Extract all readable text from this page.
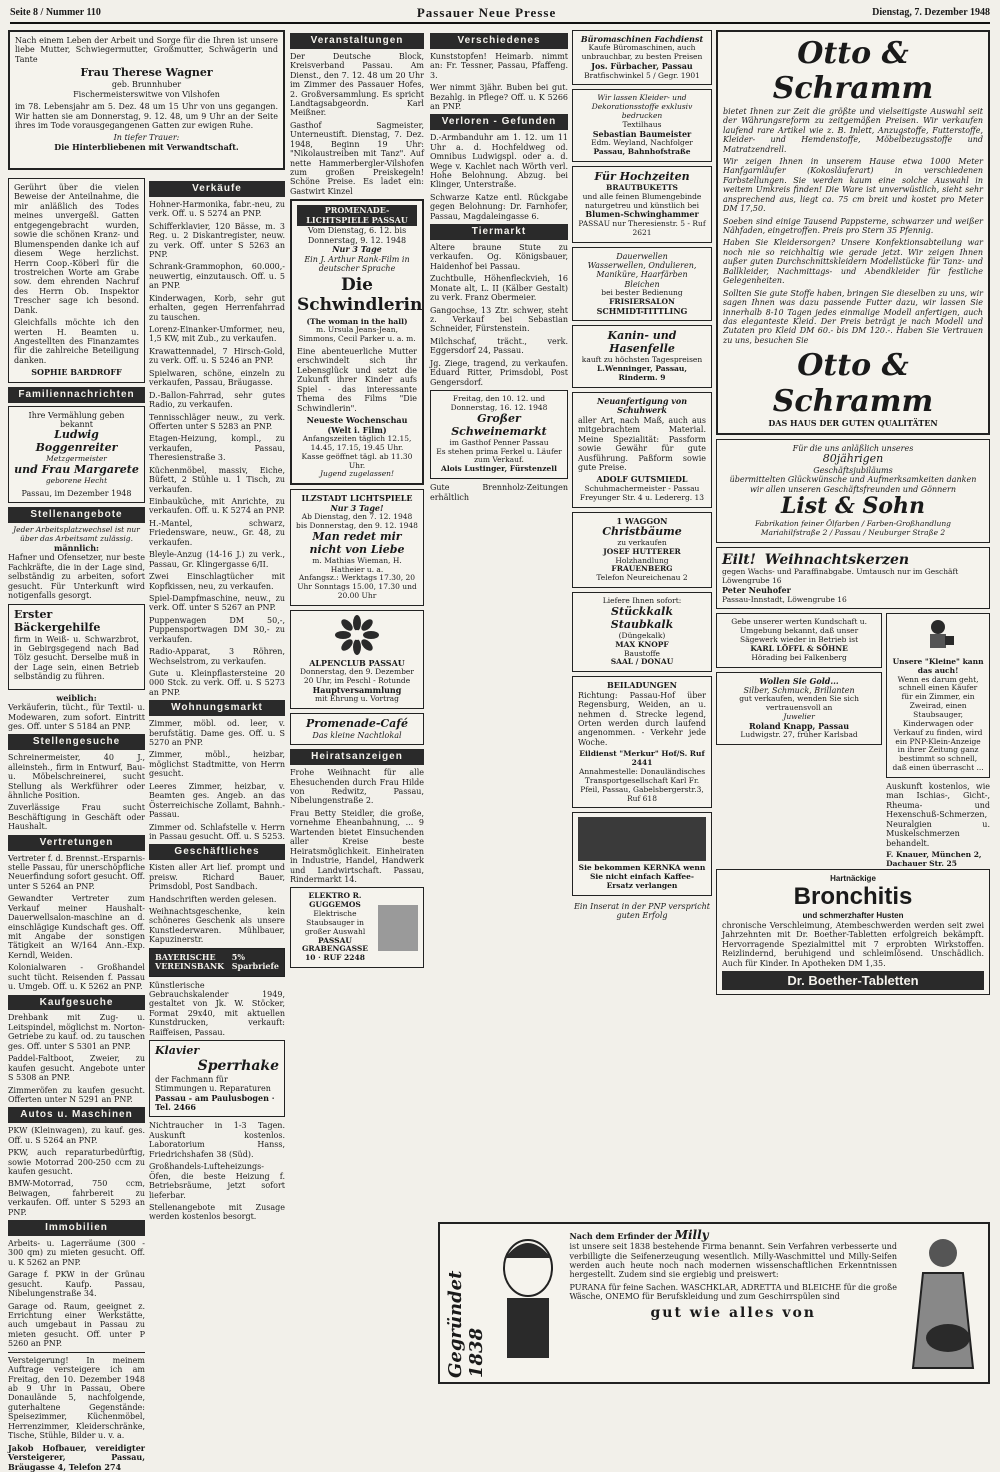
Seite 8 / Nummer 110	Passauer Neue Presse	Dienstag, 7. Dezember 1948
Nach einem Leben der Arbeit und Sorge für die Ihren ist unsere liebe Mutter, Schwiegermutter, Großmutter, Schwägerin und Tante
Frau Therese Wagner
geb. Brunnhuber
Fischermeisterswitwe von Vilshofen
im 78. Lebensjahr am 5. Dez. 48 um 15 Uhr von uns gegangen. Wir hatten sie am Donnerstag, 9. 12. 48, um 9 Uhr an der Seite ihres im Tode vorausgegangenen Gatten zur ewigen Ruhe.
In tiefer Trauer:
Die Hinterbliebenen mit Verwandtschaft.
Gerührt über die vielen Beweise der Anteilnahme, die mir anläßlich des Todes meines unvergeßl. Gatten entgegengebracht wurden, sowie die schönen Kranz- und Blumenspenden danke ich auf diesem Wege herzlichst. Herrn Coop.-Köberl für die trostreichen Worte am Grabe sow. dem ehrenden Nachruf des Herrn Ob. Inspektor Trescher sage ich besond. Dank.
Gleichfalls möchte ich den werten H. Beamten u. Angestellten des Finanzamtes für die zahlreiche Beteiligung danken.
SOPHIE BARDROFF
Familiennachrichten
Ihre Vermählung geben bekannt
Ludwig Boggenreiter
Metzgermeister
und Frau Margarete
geborene Hecht
Passau, im Dezember 1948
Stellenangebote
Jeder Arbeitsplatzwechsel ist nur über das Arbeitsamt zulässig.
männlich:
Hafner und Ofensetzer, nur beste Fachkräfte, die in der Lage sind, selbständig zu arbeiten, sofort gesucht. Für Unterkunft wird notigenfalls gesorgt.
Erster Bäckergehilfe
firm in Weiß- u. Schwarzbrot, in Gebirgsgegend nach Bad Tölz gesucht. Derselbe muß in der Lage sein, einen Betrieb selbständig zu führen.
weiblich:
Verkäuferin, tücht., für Textil- u. Modewaren, zum sofort. Eintritt ges. Off. unter S 5184 an PNP.
Stellengesuche
Schreinermeister, 40 J., alleinsteh., firm in Entwurf, Bau- u. Möbelschreinerei, sucht Stellung als Werkführer oder ähnliche Position.
Zuverlässige Frau sucht Beschäftigung in Geschäft oder Haushalt.
Vertretungen
Vertreter f. d. Brennst.-Ersparnis-stelle Passau, für unerschöpfliche Neuerfindung sofort gesucht. Off. unter S 5264 an PNP.
Gewandter Vertreter zum Verkauf meiner Haushalt-Dauerwellsalon-maschine an d. einschlägige Kundschaft ges. Off. mit Angabe der sonstigen Tätigkeit an W/164 Ann.-Exp. Kerndl, Weiden.
Kolonialwaren - Großhandel sucht tücht. Reisenden f. Passau u. Umgeb. Off. u. K 5262 an PNP.
Kaufgesuche
Drehbank mit Zug- u. Leitspindel, möglichst m. Norton-Getriebe zu kauf. od. zu tauschen ges. Off. unter S 5301 an PNP.
Paddel-Faltboot, Zweier, zu kaufen gesucht. Angebote unter S 5308 an PNP.
Zimmeröfen zu kaufen gesucht. Offerten unter N 5291 an PNP.
Autos u. Maschinen
PKW (Kleinwagen), zu kauf. ges. Off. u. S 5264 an PNP.
PKW, auch reparaturbedürftig, sowie Motorrad 200-250 ccm zu kaufen gesucht.
BMW-Motorrad, 750 ccm, Beiwagen, fahrbereit zu verkaufen. Off. unter S 5293 an PNP.
Immobilien
Arbeits- u. Lagerräume (300 - 300 qm) zu mieten gesucht. Off. u. K 5262 an PNP.
Garage f. PKW in der Grünau gesucht. Kaufp. Passau, Nibelungenstraße 34.
Garage od. Raum, geeignet z. Errichtung einer Werkstätte, auch umgebaut in Passau zu mieten gesucht. Off. unter P 5260 an PNP.
Versteigerung! In meinem Auftrage versteigere ich am Freitag, den 10. Dezember 1948 ab 9 Uhr in Passau, Obere Donaulände 5, nachfolgende, guterhaltene Gegenstände: Speisezimmer, Küchenmöbel, Herrenzimmer, Kleiderschränke, Tische, Stühle, Bilder u. v. a.
Jakob Hofbauer, vereidigter Versteigerer, Passau, Bräugasse 4, Telefon 274
Verkäufe
Hohner-Harmonika, fabr.-neu, zu verk. Off. u. S 5274 an PNP.
Schifferklavier, 120 Bässe, m. 3 Reg. u. 2 Diskantregister, neuw. zu verk. Off. unter S 5263 an PNP.
Schrank-Grammophon, 60.000,- neuwertig, einzutausch. Off. u. 5 an PNP.
Kinderwagen, Korb, sehr gut erhalten, gegen Herrenfahrrad zu tauschen.
Lorenz-Einanker-Umformer, neu, 1,5 KW, mit Zub., zu verkaufen.
Krawattennadel, 7 Hirsch-Gold, zu verk. Off. u. S 5246 an PNP.
Spielwaren, schöne, einzeln zu verkaufen, Passau, Bräugasse.
D.-Ballon-Fahrrad, sehr gutes Radio, zu verkaufen.
Tennisschläger neuw., zu verk. Offerten unter S 5283 an PNP.
Etagen-Heizung, kompl., zu verkaufen, Passau, Theresienstraße 3.
Küchenmöbel, massiv, Eiche, Büfett, 2 Stühle u. 1 Tisch, zu verkaufen.
Einbauküche, mit Anrichte, zu verkaufen. Off. u. K 5274 an PNP.
H.-Mantel, schwarz, Friedensware, neuw., Gr. 48, zu verkaufen.
Bleyle-Anzug (14-16 J.) zu verk., Passau, Gr. Klingergasse 6/II.
Zwei Einschlagtücher mit Kopfkissen, neu, zu verkaufen.
Spiel-Dampfmaschine, neuw., zu verk. Off. unter S 5267 an PNP.
Puppenwagen DM 50,-, Puppensportwagen DM 30,- zu verkaufen.
Radio-Apparat, 3 Röhren, Wechselstrom, zu verkaufen.
Gute u. Kleinpflastersteine 20 000 Stck. zu verk. Off. u. S 5273 an PNP.
Wohnungsmarkt
Zimmer, möbl. od. leer, v. berufstätig. Dame ges. Off. u. S 5270 an PNP.
Zimmer, möbl., heizbar, möglichst Stadtmitte, von Herrn gesucht.
Leeres Zimmer, heizbar, v. Beamten ges. Angeb. an das Österreichische Zollamt, Bahnh.-Passau.
Zimmer od. Schlafstelle v. Herrn in Passau gesucht. Off. u. S 5253.
Geschäftliches
Kisten aller Art lief. prompt und preisw. Richard Bauer, Primsdobl, Post Sandbach.
Handschriften werden gelesen.
Weihnachtsgeschenke, kein schöneres Geschenk als unsere Kunstlederwaren. Mühlbauer, Kapuzinerstr.
BAYERISCHE VEREINSBANK
5% Sparbriefe
Künstlerische Gebrauchskalender 1949, gestaltet von Jk. W. Stöcker, Format 29x40, mit aktuellen Kunstdrucken, verkauft: Raiffeisen, Passau.
Klavier
Sperrhake
der Fachmann für Stimmungen u. Reparaturen
Passau - am Paulusbogen · Tel. 2466
Nichtraucher in 1-3 Tagen. Auskunft kostenlos. Laboratorium Hanss, Friedrichshafen 38 (Süd).
Großhandels-Lufteheizungs-Öfen, die beste Heizung f. Betriebsräume, jetzt sofort lieferbar.
Stellenangebote mit Zusage werden kostenlos besorgt.
Veranstaltungen
Der Deutsche Block, Kreisverband Passau. Am Dienst., den 7. 12. 48 um 20 Uhr im Zimmer des Passauer Hofes, 2. Großversammlung. Es spricht Landtagsabgeordn. Karl Meißner.
Gasthof Sagmeister, Unterneustift. Dienstag, 7. Dez. 1948, Beginn 19 Uhr: "Nikolaustreiben mit Tanz". Auf nette Hammerbergler-Vilshofen zum großen Preiskegeln! Schöne Preise. Es ladet ein: Gastwirt Kinzel
PROMENADE-LICHTSPIELE PASSAU
Vom Dienstag, 6. 12. bis Donnerstag, 9. 12. 1948
Nur 3 Tage
Ein J. Arthur Rank-Film in deutscher Sprache
Die Schwindlerin
(The woman in the hall)
m. Ursula Jeans-Jean, Simmons, Cecil Parker u. a. m.
Eine abenteuerliche Mutter erschwindelt sich ihr Lebensglück und setzt die Zukunft ihrer Kinder aufs Spiel - das interessante Thema des Films "Die Schwindlerin".
Neueste Wochenschau (Welt i. Film)
Anfangszeiten täglich 12.15, 14.45, 17.15, 19.45 Uhr.
Kasse geöffnet tägl. ab 11.30 Uhr.
Jugend zugelassen!
ILZSTADT LICHTSPIELE
Nur 3 Tage!
Ab Dienstag, den 7. 12. 1948 bis Donnerstag, den 9. 12. 1948
Man redet mir nicht von Liebe
m. Mathias Wieman, H. Hatheier u. a.
Anfangsz.: Werktags 17.30, 20 Uhr Sonntags 15.00, 17.30 und 20.00 Uhr
ALPENCLUB PASSAU
Donnerstag, den 9. Dezember 20 Uhr, im Peschl - Rotunde
Hauptversammlung
mit Ehrung u. Vortrag
Promenade-Café
Das kleine Nachtlokal
Heiratsanzeigen
Frohe Weihnacht für alle Ehesuchenden durch Frau Hilde von Redwitz, Passau, Nibelungenstraße 2.
Frau Betty Steidler, die große, vornehme Eheanbahnung, ... 9 Wartenden bietet Einsuchenden aller Kreise beste Heiratsmöglichkeit. Einheiraten in Industrie, Handel, Handwerk und Landwirtschaft. Passau, Rindermarkt 14.
ELEKTRO R. GUGGEMOS
Elektrische Staubsauger in großer Auswahl
PASSAU GRABENGASSE 10 · RUF 2248
Verschiedenes
Kunststopfen! Heimarb. nimmt an: Fr. Tessner, Passau, Pfaffeng. 3.
Wer nimmt 3jähr. Buben bei gut. Bezahlg. in Pflege? Off. u. K 5266 an PNP.
Verloren - Gefunden
D.-Armbanduhr am 1. 12. um 11 Uhr a. d. Hochfeldweg od. Omnibus Ludwigspl. oder a. d. Wege v. Kachlet nach Wörth verl. Hohe Belohnung. Abzug. bei Klinger, Unterstraße.
Schwarze Katze entl. Rückgabe gegen Belohnung: Dr. Farnhofer, Passau, Magdaleingasse 6.
Tiermarkt
Altere braune Stute zu verkaufen. Og. Königsbauer, Haidenhof bei Passau.
Zuchtbulle, Höhenfleckvieh, 16 Monate alt, L. II (Kälber Gestalt) zu verk. Franz Obermeier.
Gangochse, 13 Ztr. schwer, steht z. Verkauf bei Sebastian Schneider, Fürstenstein.
Milchschaf, trächt., verk. Eggersdorf 24, Passau.
Jg. Ziege, tragend, zu verkaufen. Eduard Ritter, Primsdobl, Post Gengersdorf.
Freitag, den 10. 12. und Donnerstag, 16. 12. 1948
Großer Schweinemarkt
im Gasthof Penner Passau
Es stehen prima Ferkel u. Läufer zum Verkauf.
Alois Lustinger, Fürstenzell
Gute Brennholz-Zeitungen erhältlich
Büromaschinen Fachdienst
Kaufe Büromaschinen, auch unbrauchbar, zu besten Preisen
Jos. Fürbacher, Passau
Bratfischwinkel 5 / Gegr. 1901
Wir lassen Kleider- und Dekorationsstoffe exklusiv bedrucken
Textilhaus
Sebastian Baumeister
Edm. Weyland, Nachfolger
Passau, Bahnhofstraße
Für Hochzeiten
BRAUTBUKETTS
und alle feinen Blumengebinde naturgetreu und künstlich bei
Blumen-Schwinghammer
PASSAU nur Theresienstr. 5 - Ruf 2621
Dauerwellen
Wasserwellen, Ondulieren,
Maniküre, Haarfärben
Bleichen
bei bester Bedienung
FRISIERSALON
SCHMIDT-TITTLING
Kanin- und
Hasenfelle
kauft zu höchsten Tagespreisen
L.Wenninger, Passau, Rinderm. 9
Neuanfertigung von Schuhwerk
aller Art, nach Maß, auch aus mitgebrachtem Material. Meine Spezialität: Passform sowie Gewähr für gute Ausführung. Paßform sowie gute Preise.
ADOLF GUTSMIEDL
Schuhmachermeister - Passau
Freyunger Str. 4 u. Ledererg. 13
1 WAGGON
Christbäume
zu verkaufen
JOSEF HUTTERER
Holzhandlung
FRAUENBERG
Telefon Neureichenau 2
Liefere Ihnen sofort:
Stückkalk
Staubkalk
(Düngekalk)
MAX KNOPF
Baustoffe
SAAL / DONAU
BEILADUNGEN
Richtung: Passau-Hof über Regensburg, Weiden, an u. nehmen d. Strecke legend, Orten werden durch laufend angenommen. - Verkehr jede Woche.
Eildienst "Merkur" Hof/S. Ruf 2441
Annahmestelle: Donauländisches Transportgesellschaft Karl Fr. Pfeil, Passau, Gabelsbergerstr.3, Ruf 618
Sie bekommen KERNKA wenn Sie nicht einfach Kaffee-Ersatz verlangen
Ein Inserat in der PNP verspricht guten Erfolg
Otto & Schramm
bietet Ihnen zur Zeit die größte und vielseitigste Auswahl seit der Währungsreform zu zeitgemäßen Preisen. Wir verkaufen laufend rare Artikel wie z. B. Inlett, Anzugstoffe, Futterstoffe, Kleider- und Hemdenstoffe, Möbelbezugsstoffe und Matratzendrell.
Wir zeigen Ihnen in unserem Hause etwa 1000 Meter Hanfgarnläufer (Kokosläuferart) in verschiedenen Farbstellungen. Sie werden kaum eine solche Auswahl in weitem Umkreis finden! Die Ware ist unverwüstlich, sieht sehr ansprechend aus, liegt ca. 75 cm breit und kostet pro Meter DM 17,50.
Soeben sind einige Tausend Pappsterne, schwarzer und weißer Nähfaden, eingetroffen. Preis pro Stern 35 Pfennig.
Haben Sie Kleidersorgen? Unsere Konfektionsabteilung war noch nie so reichhaltig wie gerade jetzt. Wir zeigen Ihnen außer guten Durchschnittskleidern Modellstücke für Tanz- und Ballkleider, Nachmittags- und Abendkleider für festliche Gelegenheiten.
Sollten Sie gute Stoffe haben, bringen Sie dieselben zu uns, wir sagen Ihnen was dazu passende Futter dazu, wir lassen Sie innerhalb 8-10 Tagen jedes einmalige Modell anfertigen, auch das eleganteste Kleid. Der Preis beträgt je nach Modell und Zutaten pro Kleid DM 60.- bis DM 120.-. Haben Sie Vertrauen zu uns, besuchen Sie
Otto & Schramm
DAS HAUS DER GUTEN QUALITÄTEN
Für die uns anläßlich unseres
80jährigen
Geschäftsjubiläums
übermittelten Glückwünsche und Aufmerksamkeiten danken wir allen unseren Geschäftsfreunden und Gönnern
List & Sohn
Fabrikation feiner Ölfarben / Farben-Großhandlung
Mariahilfstraße 2 / Passau / Neuburger Straße 2
Eilt! Weihnachtskerzen
gegen Wachs- und Paraffinabgabe. Umtausch nur im Geschäft Löwengrube 16
Peter Neuhofer
Passau-Innstadt, Löwengrube 16
Gebe unserer werten Kundschaft u. Umgebung bekannt, daß unser Sägewerk wieder in Betrieb ist
KARL LÖFFL & SÖHNE
Hörading bei Falkenberg
Wollen Sie Gold...
Silber, Schmuck, Brillanten
gut verkaufen, wenden Sie sich vertrauensvoll an
Juwelier
Roland Knapp, Passau
Ludwigstr. 27, früher Karlsbad
Unsere "Kleine" kann das auch!
Wenn es darum geht, schnell einen Käufer für ein Zimmer, ein Zweirad, einen Staubsauger, Kinderwagen oder Verkauf zu finden, wird ein PNP-Klein-Anzeige in ihrer Zeitung ganz bestimmt so schnell, daß einen überrascht ...
Auskunft kostenlos, wie man Ischias-, Gicht-, Rheuma- und Hexenschuß-Schmerzen, Neuralgien u. Muskelschmerzen behandelt.
F. Knauer, München 2, Dachauer Str. 25
Hartnäckige
Bronchitis
und schmerzhafter Husten
chronische Verschleimung, Atembeschwerden werden seit zwei Jahrzehnten mit Dr. Boether-Tabletten erfolgreich bekämpft. Hervorragende Spezialmittel mit 7 erprobten Wirkstoffen. Reizlindernd, beruhigend und schleimlösend. Unschädlich. Auch für Kinder. In Apotheken DM 1,35.
Dr. Boether-Tabletten
Gegründet 1838
Nach dem Erfinder der Milly
ist unsere seit 1838 bestehende Firma benannt. Sein Verfahren verbesserte und verbilligte die Seifenerzeugung wesentlich. Milly-Waschmittel und Milly-Seifen werden auch heute noch nach modernen wissenschaftlichen Erkenntnissen hergestellt. Zudem sind sie ergiebig und preiswert:
PURANA für feine Sachen. WASCHKLAR, ADRETTA und BLEICHE für die große Wäsche, ONEMO für Berufskleidung und zum Geschirrspülen sind
gut wie alles von
